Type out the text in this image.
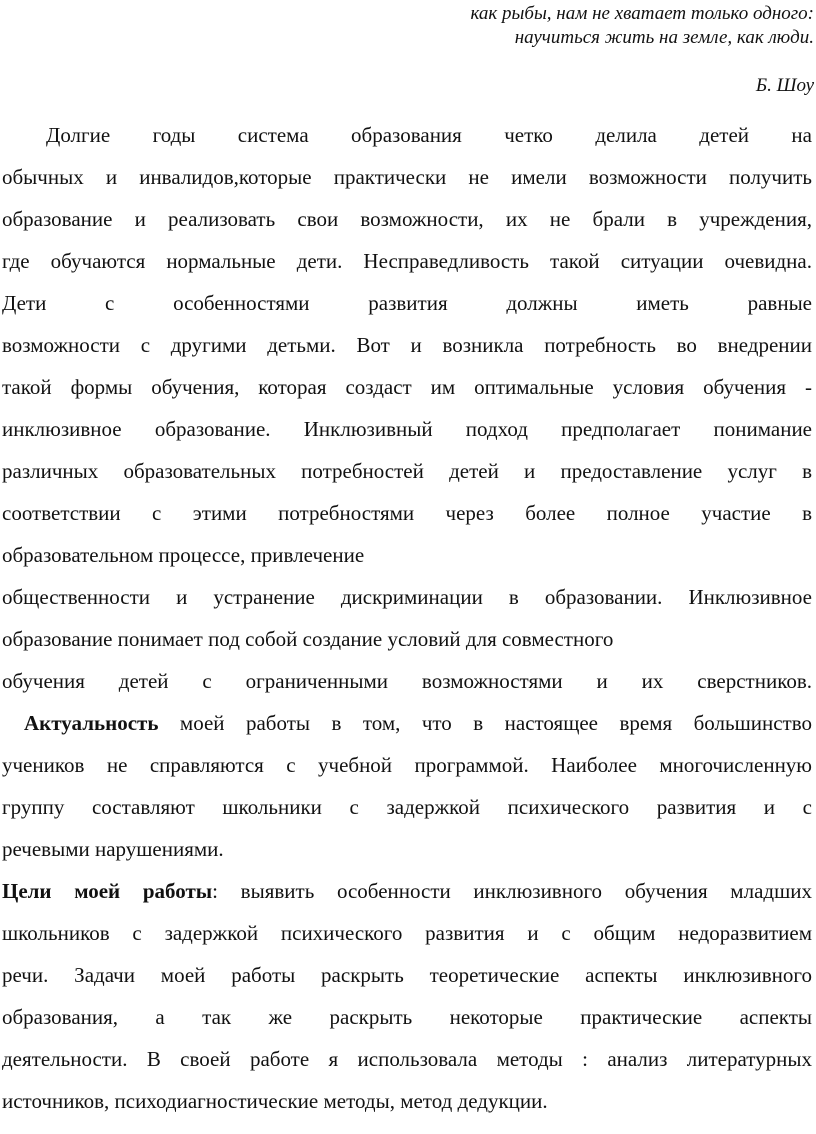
как рыбы, нам не хватает только одного:
научиться жить на земле, как люди.
Б. Шоу
Долгие годы система образования четко делила детей на
обычных и инвалидов,которые практически не имели возможности получить
образование и реализовать свои возможности, их не брали в учреждения,
где обучаются нормальные дети. Несправедливость такой ситуации очевидна.
Дети с особенностями развития должны иметь равные
возможности с другими детьми. Вот и возникла потребность во внедрении
такой формы обучения, которая создаст им оптимальные условия обучения -
инклюзивное образование. Инклюзивный подход предполагает понимание
различных образовательных потребностей детей и предоставление услуг в
соответствии с этими потребностями через более полное участие в
образовательном процессе, привлечение
общественности и устранение дискриминации в образовании. Инклюзивное
образование понимает под собой создание условий для совместного
обучения детей с ограниченными возможностями и их сверстников.
Актуальность моей работы в том, что в настоящее время большинство
учеников не справляются с учебной программой. Наиболее многочисленную
группу составляют школьники с задержкой психического развития и с
речевыми нарушениями.
Цели моей работы: выявить особенности инклюзивного обучения младших
школьников с задержкой психического развития и с общим недоразвитием
речи. Задачи моей работы раскрыть теоретические аспекты инклюзивного
образования, а так же раскрыть некоторые практические аспекты
деятельности. В своей работе я использовала методы : анализ литературных
источников, психодиагностические методы, метод дедукции.
